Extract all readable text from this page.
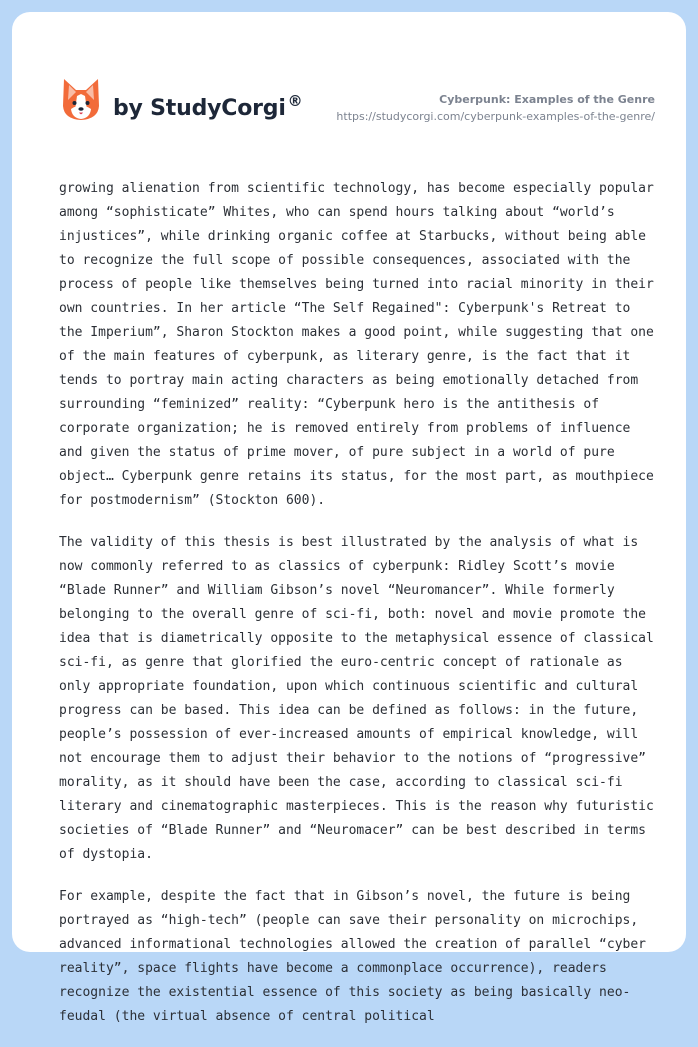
by StudyCorgi ®	Cyberpunk: Examples of the Genre
https://studycorgi.com/cyberpunk-examples-of-the-genre/

growing alienation from scientific technology, has become especially popular among “sophisticate” Whites, who can spend hours talking about “world’s injustices”, while drinking organic coffee at Starbucks, without being able to recognize the full scope of possible consequences, associated with the process of people like themselves being turned into racial minority in their own countries. In her article “The Self Regained": Cyberpunk's Retreat to the Imperium”, Sharon Stockton makes a good point, while suggesting that one of the main features of cyberpunk, as literary genre, is the fact that it tends to portray main acting characters as being emotionally detached from surrounding “feminized” reality: “Cyberpunk hero is the antithesis of corporate organization; he is removed entirely from problems of influence and given the status of prime mover, of pure subject in a world of pure object… Cyberpunk genre retains its status, for the most part, as mouthpiece for postmodernism” (Stockton 600).

The validity of this thesis is best illustrated by the analysis of what is now commonly referred to as classics of cyberpunk: Ridley Scott’s movie “Blade Runner” and William Gibson’s novel “Neuromancer”. While formerly belonging to the overall genre of sci-fi, both: novel and movie promote the idea that is diametrically opposite to the metaphysical essence of classical sci-fi, as genre that glorified the euro-centric concept of rationale as only appropriate foundation, upon which continuous scientific and cultural progress can be based. This idea can be defined as follows: in the future, people’s possession of ever-increased amounts of empirical knowledge, will not encourage them to adjust their behavior to the notions of “progressive” morality, as it should have been the case, according to classical sci-fi literary and cinematographic masterpieces. This is the reason why futuristic societies of “Blade Runner” and “Neuromacer” can be best described in terms of dystopia.

For example, despite the fact that in Gibson’s novel, the future is being portrayed as “high-tech” (people can save their personality on microchips, advanced informational technologies allowed the creation of parallel “cyber reality”, space flights have become a commonplace occurrence), readers recognize the existential essence of this society as being basically neo-feudal (the virtual absence of central political
